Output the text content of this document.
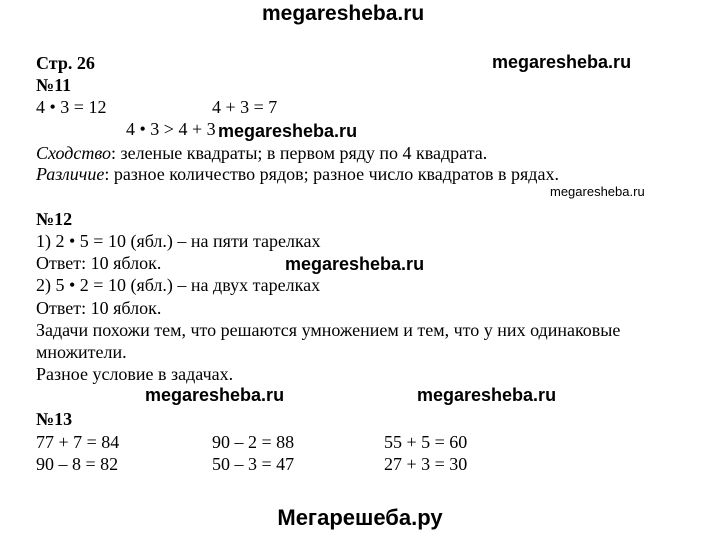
megaresheba.ru
Стр. 26	megaresheba.ru
№11
4 • 3 = 12	4 + 3 = 7
4 • 3 > 4 + 3 megaresheba.ru
Сходство: зеленые квадраты; в первом ряду по 4 квадрата.
Различие: разное количество рядов; разное число квадратов в рядах.
megaresheba.ru
№12
1) 2 • 5 = 10 (ябл.) – на пяти тарелках
Ответ: 10 яблок.	megaresheba.ru
2) 5 • 2 = 10 (ябл.) – на двух тарелках
Ответ: 10 яблок.
Задачи похожи тем, что решаются умножением и тем, что у них одинаковые
множители.
Разное условие в задачах.
megaresheba.ru	megaresheba.ru
№13
77 + 7 = 84	90 – 2 = 88	55 + 5 = 60
90 – 8 = 82	50 – 3 = 47	27 + 3 = 30
Мегарешеба.ру
